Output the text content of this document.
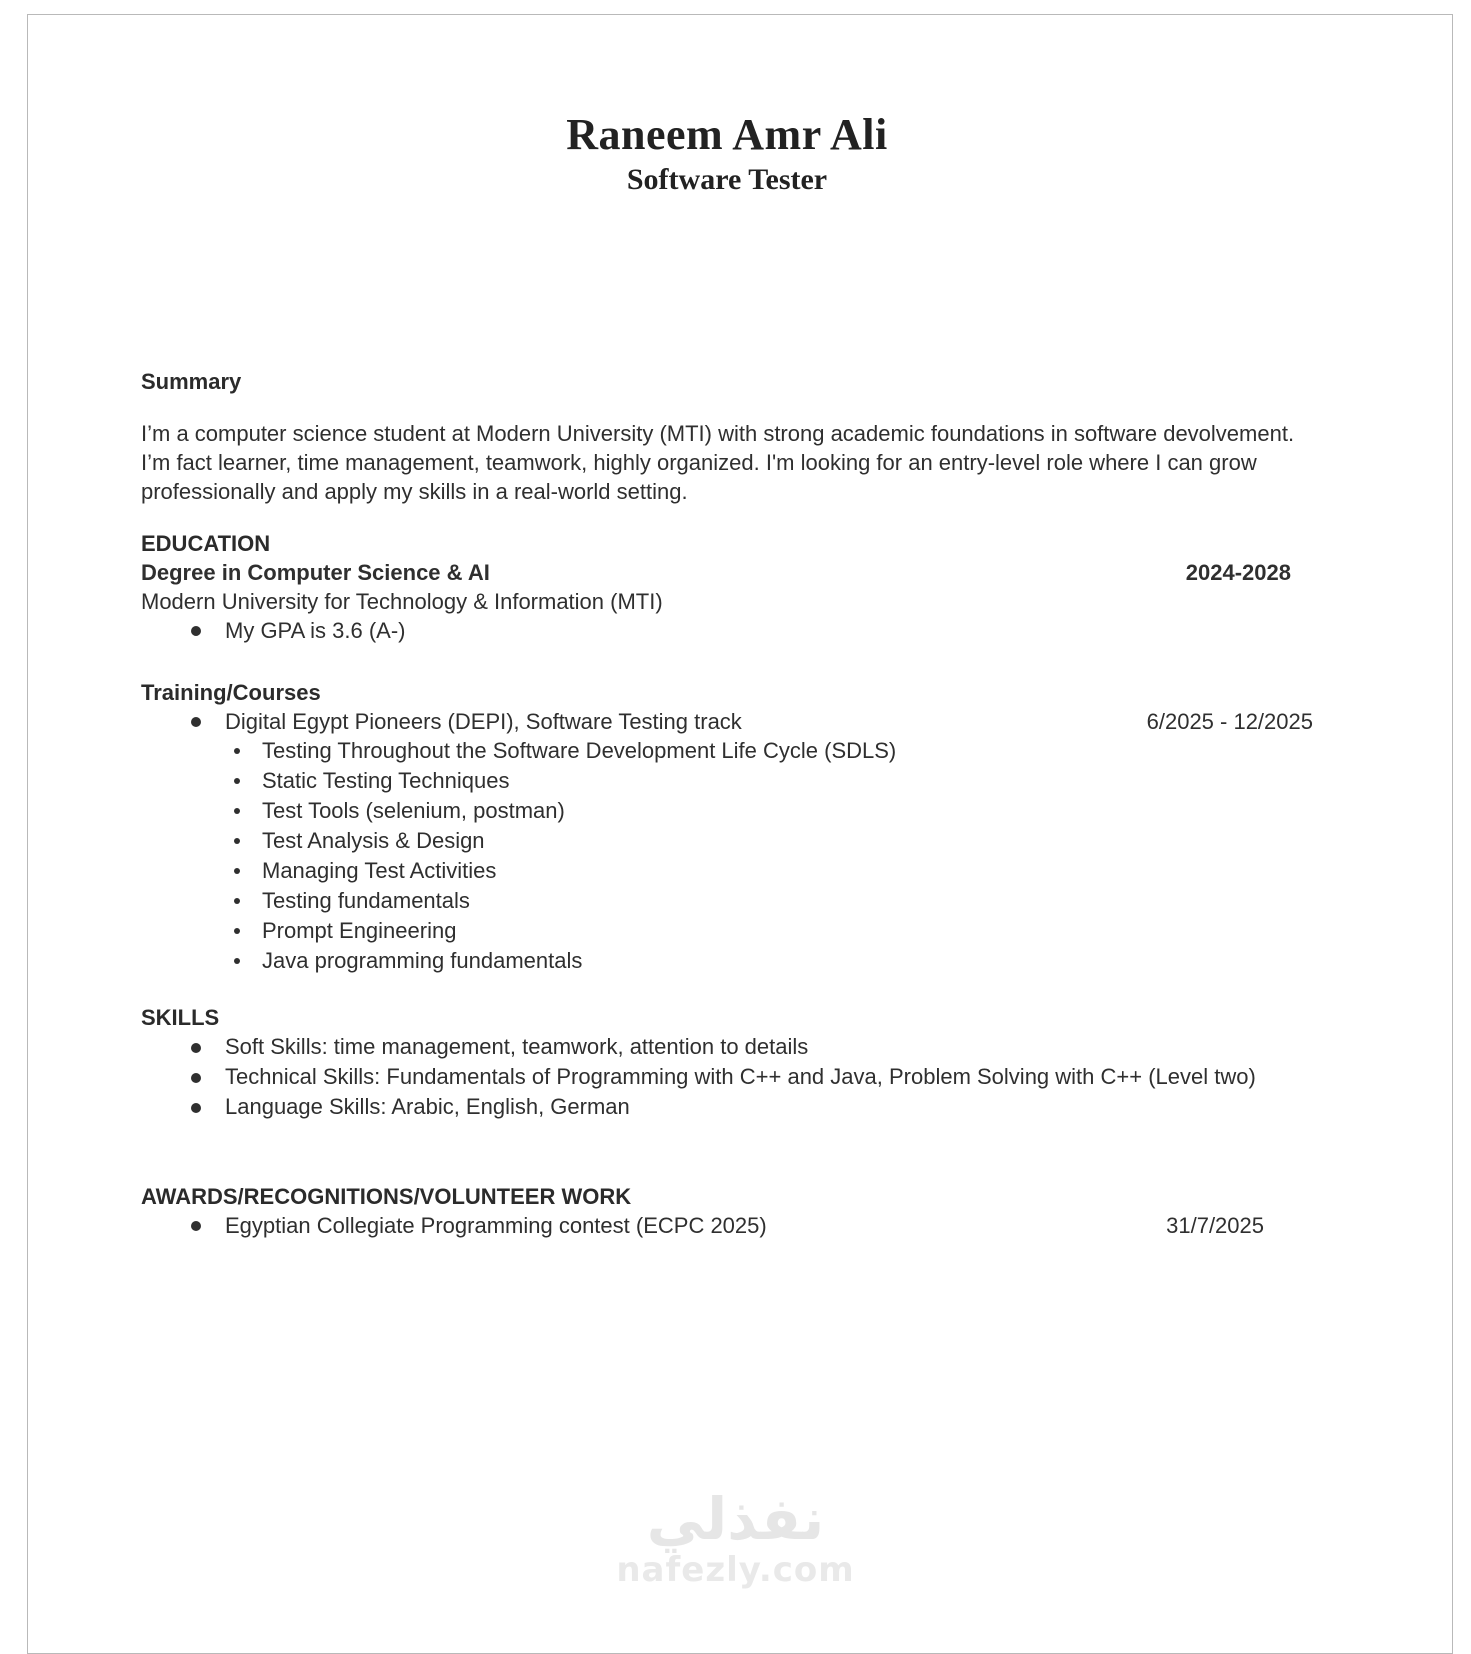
Raneem Amr Ali
Software Tester
Summary

I’m a computer science student at Modern University (MTI) with strong academic foundations in software devolvement. I’m fact learner, time management, teamwork, highly organized. I'm looking for an entry-level role where I can grow professionally and apply my skills in a real-world setting.

EDUCATION
Degree in Computer Science & AI	2024-2028
Modern University for Technology & Information (MTI)
My GPA is 3.6 (A-)
Training/Courses
Digital Egypt Pioneers (DEPI), Software Testing track	6/2025 - 12/2025
Testing Throughout the Software Development Life Cycle (SDLS)
Static Testing Techniques
Test Tools (selenium, postman)
Test Analysis & Design
Managing Test Activities
Testing fundamentals
Prompt Engineering
Java programming fundamentals
SKILLS
Soft Skills: time management, teamwork, attention to details
Technical Skills: Fundamentals of Programming with C++ and Java, Problem Solving with C++ (Level two)
Language Skills: Arabic, English, German
AWARDS/RECOGNITIONS/VOLUNTEER WORK
Egyptian Collegiate Programming contest (ECPC 2025)	31/7/2025
نفذلي
nafezly.com
